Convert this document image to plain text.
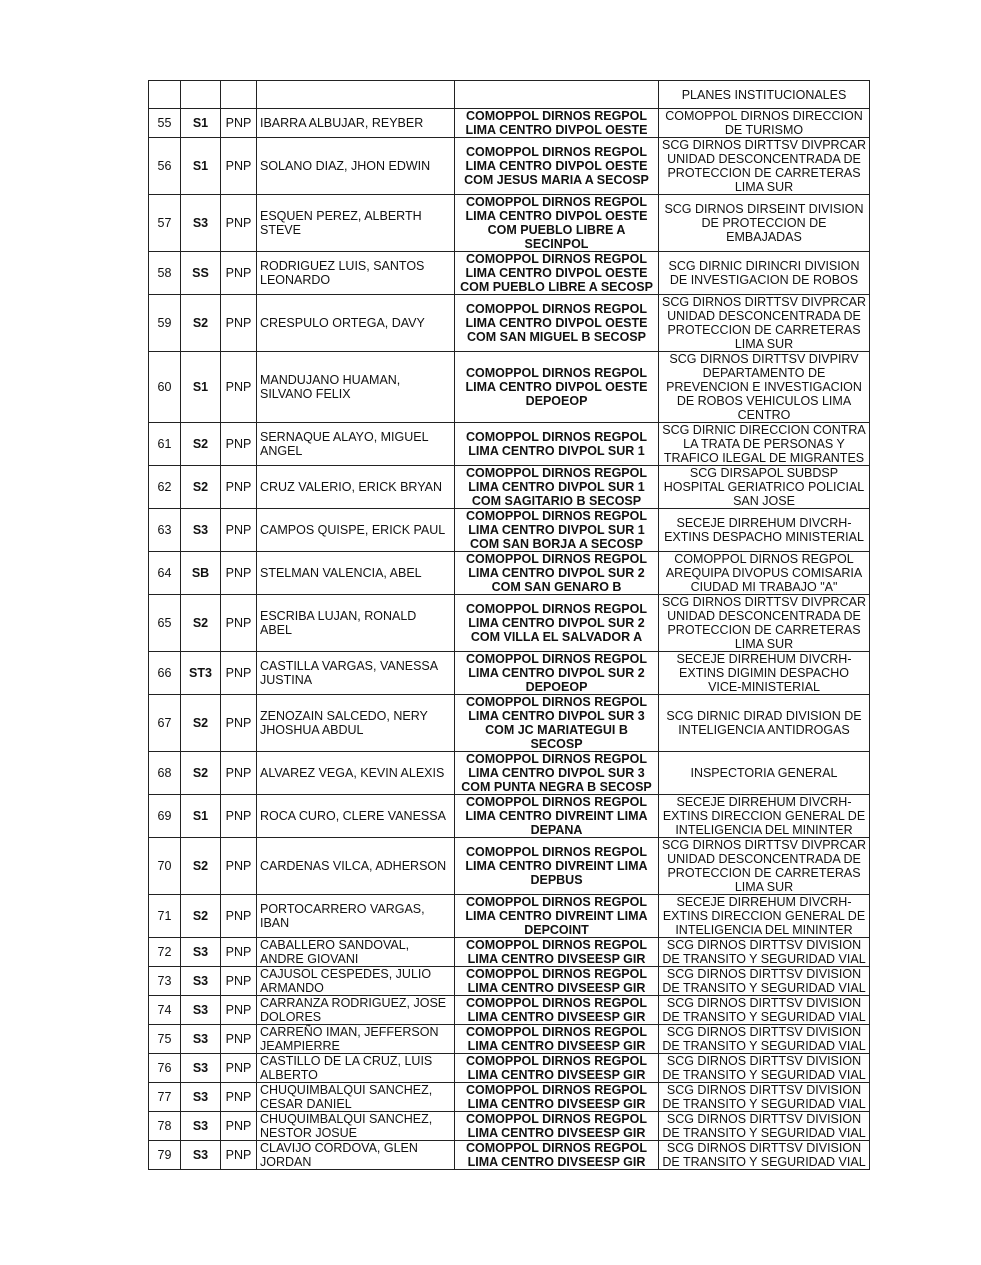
					PLANES INSTITUCIONALES
55	S1	PNP	IBARRA ALBUJAR, REYBER	COMOPPOL DIRNOS REGPOL LIMA CENTRO DIVPOL OESTE	COMOPPOL DIRNOS DIRECCION DE TURISMO
56	S1	PNP	SOLANO DIAZ, JHON EDWIN	COMOPPOL DIRNOS REGPOL LIMA CENTRO DIVPOL OESTE COM JESUS MARIA A SECOSP	SCG DIRNOS DIRTTSV DIVPRCAR UNIDAD DESCONCENTRADA DE PROTECCION DE CARRETERAS LIMA SUR
57	S3	PNP	ESQUEN PEREZ, ALBERTH STEVE	COMOPPOL DIRNOS REGPOL LIMA CENTRO DIVPOL OESTE COM PUEBLO LIBRE A SECINPOL	SCG DIRNOS DIRSEINT DIVISION DE PROTECCION DE EMBAJADAS
58	SS	PNP	RODRIGUEZ LUIS, SANTOS LEONARDO	COMOPPOL DIRNOS REGPOL LIMA CENTRO DIVPOL OESTE COM PUEBLO LIBRE A SECOSP	SCG DIRNIC DIRINCRI DIVISION DE INVESTIGACION DE ROBOS
59	S2	PNP	CRESPULO ORTEGA, DAVY	COMOPPOL DIRNOS REGPOL LIMA CENTRO DIVPOL OESTE COM SAN MIGUEL B SECOSP	SCG DIRNOS DIRTTSV DIVPRCAR UNIDAD DESCONCENTRADA DE PROTECCION DE CARRETERAS LIMA SUR
60	S1	PNP	MANDUJANO HUAMAN, SILVANO FELIX	COMOPPOL DIRNOS REGPOL LIMA CENTRO DIVPOL OESTE DEPOEOP	SCG DIRNOS DIRTTSV DIVPIRV DEPARTAMENTO DE PREVENCION E INVESTIGACION DE ROBOS VEHICULOS LIMA CENTRO
61	S2	PNP	SERNAQUE ALAYO, MIGUEL ANGEL	COMOPPOL DIRNOS REGPOL LIMA CENTRO DIVPOL SUR 1	SCG DIRNIC DIRECCION CONTRA LA TRATA DE PERSONAS Y TRAFICO ILEGAL DE MIGRANTES
62	S2	PNP	CRUZ VALERIO, ERICK BRYAN	COMOPPOL DIRNOS REGPOL LIMA CENTRO DIVPOL SUR 1 COM SAGITARIO B SECOSP	SCG DIRSAPOL SUBDSP HOSPITAL GERIATRICO POLICIAL SAN JOSE
63	S3	PNP	CAMPOS QUISPE, ERICK PAUL	COMOPPOL DIRNOS REGPOL LIMA CENTRO DIVPOL SUR 1 COM SAN BORJA A SECOSP	SECEJE DIRREHUM DIVCRH-EXTINS DESPACHO MINISTERIAL
64	SB	PNP	STELMAN VALENCIA, ABEL	COMOPPOL DIRNOS REGPOL LIMA CENTRO DIVPOL SUR 2 COM SAN GENARO B	COMOPPOL DIRNOS REGPOL AREQUIPA DIVOPUS COMISARIA CIUDAD MI TRABAJO "A"
65	S2	PNP	ESCRIBA LUJAN, RONALD ABEL	COMOPPOL DIRNOS REGPOL LIMA CENTRO DIVPOL SUR 2 COM VILLA EL SALVADOR A	SCG DIRNOS DIRTTSV DIVPRCAR UNIDAD DESCONCENTRADA DE PROTECCION DE CARRETERAS LIMA SUR
66	ST3	PNP	CASTILLA VARGAS, VANESSA JUSTINA	COMOPPOL DIRNOS REGPOL LIMA CENTRO DIVPOL SUR 2 DEPOEOP	SECEJE DIRREHUM DIVCRH-EXTINS DIGIMIN DESPACHO VICE-MINISTERIAL
67	S2	PNP	ZENOZAIN SALCEDO, NERY JHOSHUA ABDUL	COMOPPOL DIRNOS REGPOL LIMA CENTRO DIVPOL SUR 3 COM JC MARIATEGUI B SECOSP	SCG DIRNIC DIRAD DIVISION DE INTELIGENCIA ANTIDROGAS
68	S2	PNP	ALVAREZ VEGA, KEVIN ALEXIS	COMOPPOL DIRNOS REGPOL LIMA CENTRO DIVPOL SUR 3 COM PUNTA NEGRA B SECOSP	INSPECTORIA GENERAL
69	S1	PNP	ROCA CURO, CLERE VANESSA	COMOPPOL DIRNOS REGPOL LIMA CENTRO DIVREINT LIMA DEPANA	SECEJE DIRREHUM DIVCRH-EXTINS DIRECCION GENERAL DE INTELIGENCIA DEL MININTER
70	S2	PNP	CARDENAS VILCA, ADHERSON	COMOPPOL DIRNOS REGPOL LIMA CENTRO DIVREINT LIMA DEPBUS	SCG DIRNOS DIRTTSV DIVPRCAR UNIDAD DESCONCENTRADA DE PROTECCION DE CARRETERAS LIMA SUR
71	S2	PNP	PORTOCARRERO VARGAS, IBAN	COMOPPOL DIRNOS REGPOL LIMA CENTRO DIVREINT LIMA DEPCOINT	SECEJE DIRREHUM DIVCRH-EXTINS DIRECCION GENERAL DE INTELIGENCIA DEL MININTER
72	S3	PNP	CABALLERO SANDOVAL, ANDRE GIOVANI	COMOPPOL DIRNOS REGPOL LIMA CENTRO DIVSEESP GIR	SCG DIRNOS DIRTTSV DIVISION DE TRANSITO Y SEGURIDAD VIAL
73	S3	PNP	CAJUSOL CESPEDES, JULIO ARMANDO	COMOPPOL DIRNOS REGPOL LIMA CENTRO DIVSEESP GIR	SCG DIRNOS DIRTTSV DIVISION DE TRANSITO Y SEGURIDAD VIAL
74	S3	PNP	CARRANZA RODRIGUEZ, JOSE DOLORES	COMOPPOL DIRNOS REGPOL LIMA CENTRO DIVSEESP GIR	SCG DIRNOS DIRTTSV DIVISION DE TRANSITO Y SEGURIDAD VIAL
75	S3	PNP	CARREÑO IMAN, JEFFERSON JEAMPIERRE	COMOPPOL DIRNOS REGPOL LIMA CENTRO DIVSEESP GIR	SCG DIRNOS DIRTTSV DIVISION DE TRANSITO Y SEGURIDAD VIAL
76	S3	PNP	CASTILLO DE LA CRUZ, LUIS ALBERTO	COMOPPOL DIRNOS REGPOL LIMA CENTRO DIVSEESP GIR	SCG DIRNOS DIRTTSV DIVISION DE TRANSITO Y SEGURIDAD VIAL
77	S3	PNP	CHUQUIMBALQUI SANCHEZ, CESAR DANIEL	COMOPPOL DIRNOS REGPOL LIMA CENTRO DIVSEESP GIR	SCG DIRNOS DIRTTSV DIVISION DE TRANSITO Y SEGURIDAD VIAL
78	S3	PNP	CHUQUIMBALQUI SANCHEZ, NESTOR JOSUE	COMOPPOL DIRNOS REGPOL LIMA CENTRO DIVSEESP GIR	SCG DIRNOS DIRTTSV DIVISION DE TRANSITO Y SEGURIDAD VIAL
79	S3	PNP	CLAVIJO CORDOVA, GLEN JORDAN	COMOPPOL DIRNOS REGPOL LIMA CENTRO DIVSEESP GIR	SCG DIRNOS DIRTTSV DIVISION DE TRANSITO Y SEGURIDAD VIAL
